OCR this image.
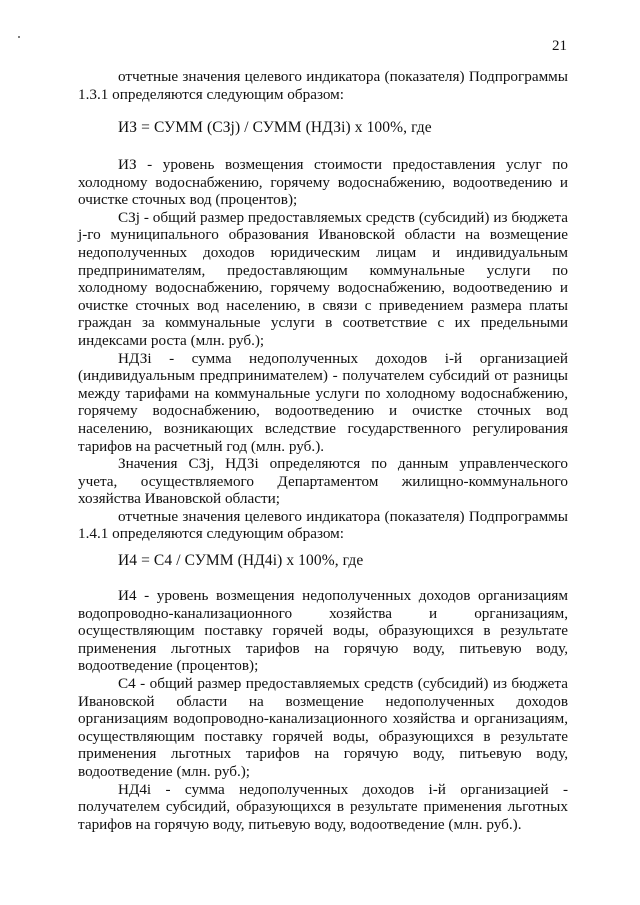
21

отчетные значения целевого индикатора (показателя) Подпрограммы 1.3.1 определяются следующим образом:

ИЗ = СУММ (СЗj) / СУММ (НДЗi) x 100%, где

ИЗ - уровень возмещения стоимости предоставления услуг по холодному водоснабжению, горячему водоснабжению, водоотведению и очистке сточных вод (процентов);

СЗj - общий размер предоставляемых средств (субсидий) из бюджета j-го муниципального образования Ивановской области на возмещение недополученных доходов юридическим лицам и индивидуальным предпринимателям, предоставляющим коммунальные услуги по холодному водоснабжению, горячему водоснабжению, водоотведению и очистке сточных вод населению, в связи с приведением размера платы граждан за коммунальные услуги в соответствие с их предельными индексами роста (млн. руб.);

НДЗi - сумма недополученных доходов i-й организацией (индивидуальным предпринимателем) - получателем субсидий от разницы между тарифами на коммунальные услуги по холодному водоснабжению, горячему водоснабжению, водоотведению и очистке сточных вод населению, возникающих вследствие государственного регулирования тарифов на расчетный год (млн. руб.).

Значения СЗj, НДЗi определяются по данным управленческого учета, осуществляемого Департаментом жилищно-коммунального хозяйства Ивановской области;

отчетные значения целевого индикатора (показателя) Подпрограммы 1.4.1 определяются следующим образом:

И4 = С4 / СУММ (НД4i) x 100%, где

И4 - уровень возмещения недополученных доходов организациям водопроводно-канализационного хозяйства и организациям, осуществляющим поставку горячей воды, образующихся в результате применения льготных тарифов на горячую воду, питьевую воду, водоотведение (процентов);

С4 - общий размер предоставляемых средств (субсидий) из бюджета Ивановской области на возмещение недополученных доходов организациям водопроводно-канализационного хозяйства и организациям, осуществляющим поставку горячей воды, образующихся в результате применения льготных тарифов на горячую воду, питьевую воду, водоотведение (млн. руб.);

НД4i - сумма недополученных доходов i-й организацией - получателем субсидий, образующихся в результате применения льготных тарифов на горячую воду, питьевую воду, водоотведение (млн. руб.).
